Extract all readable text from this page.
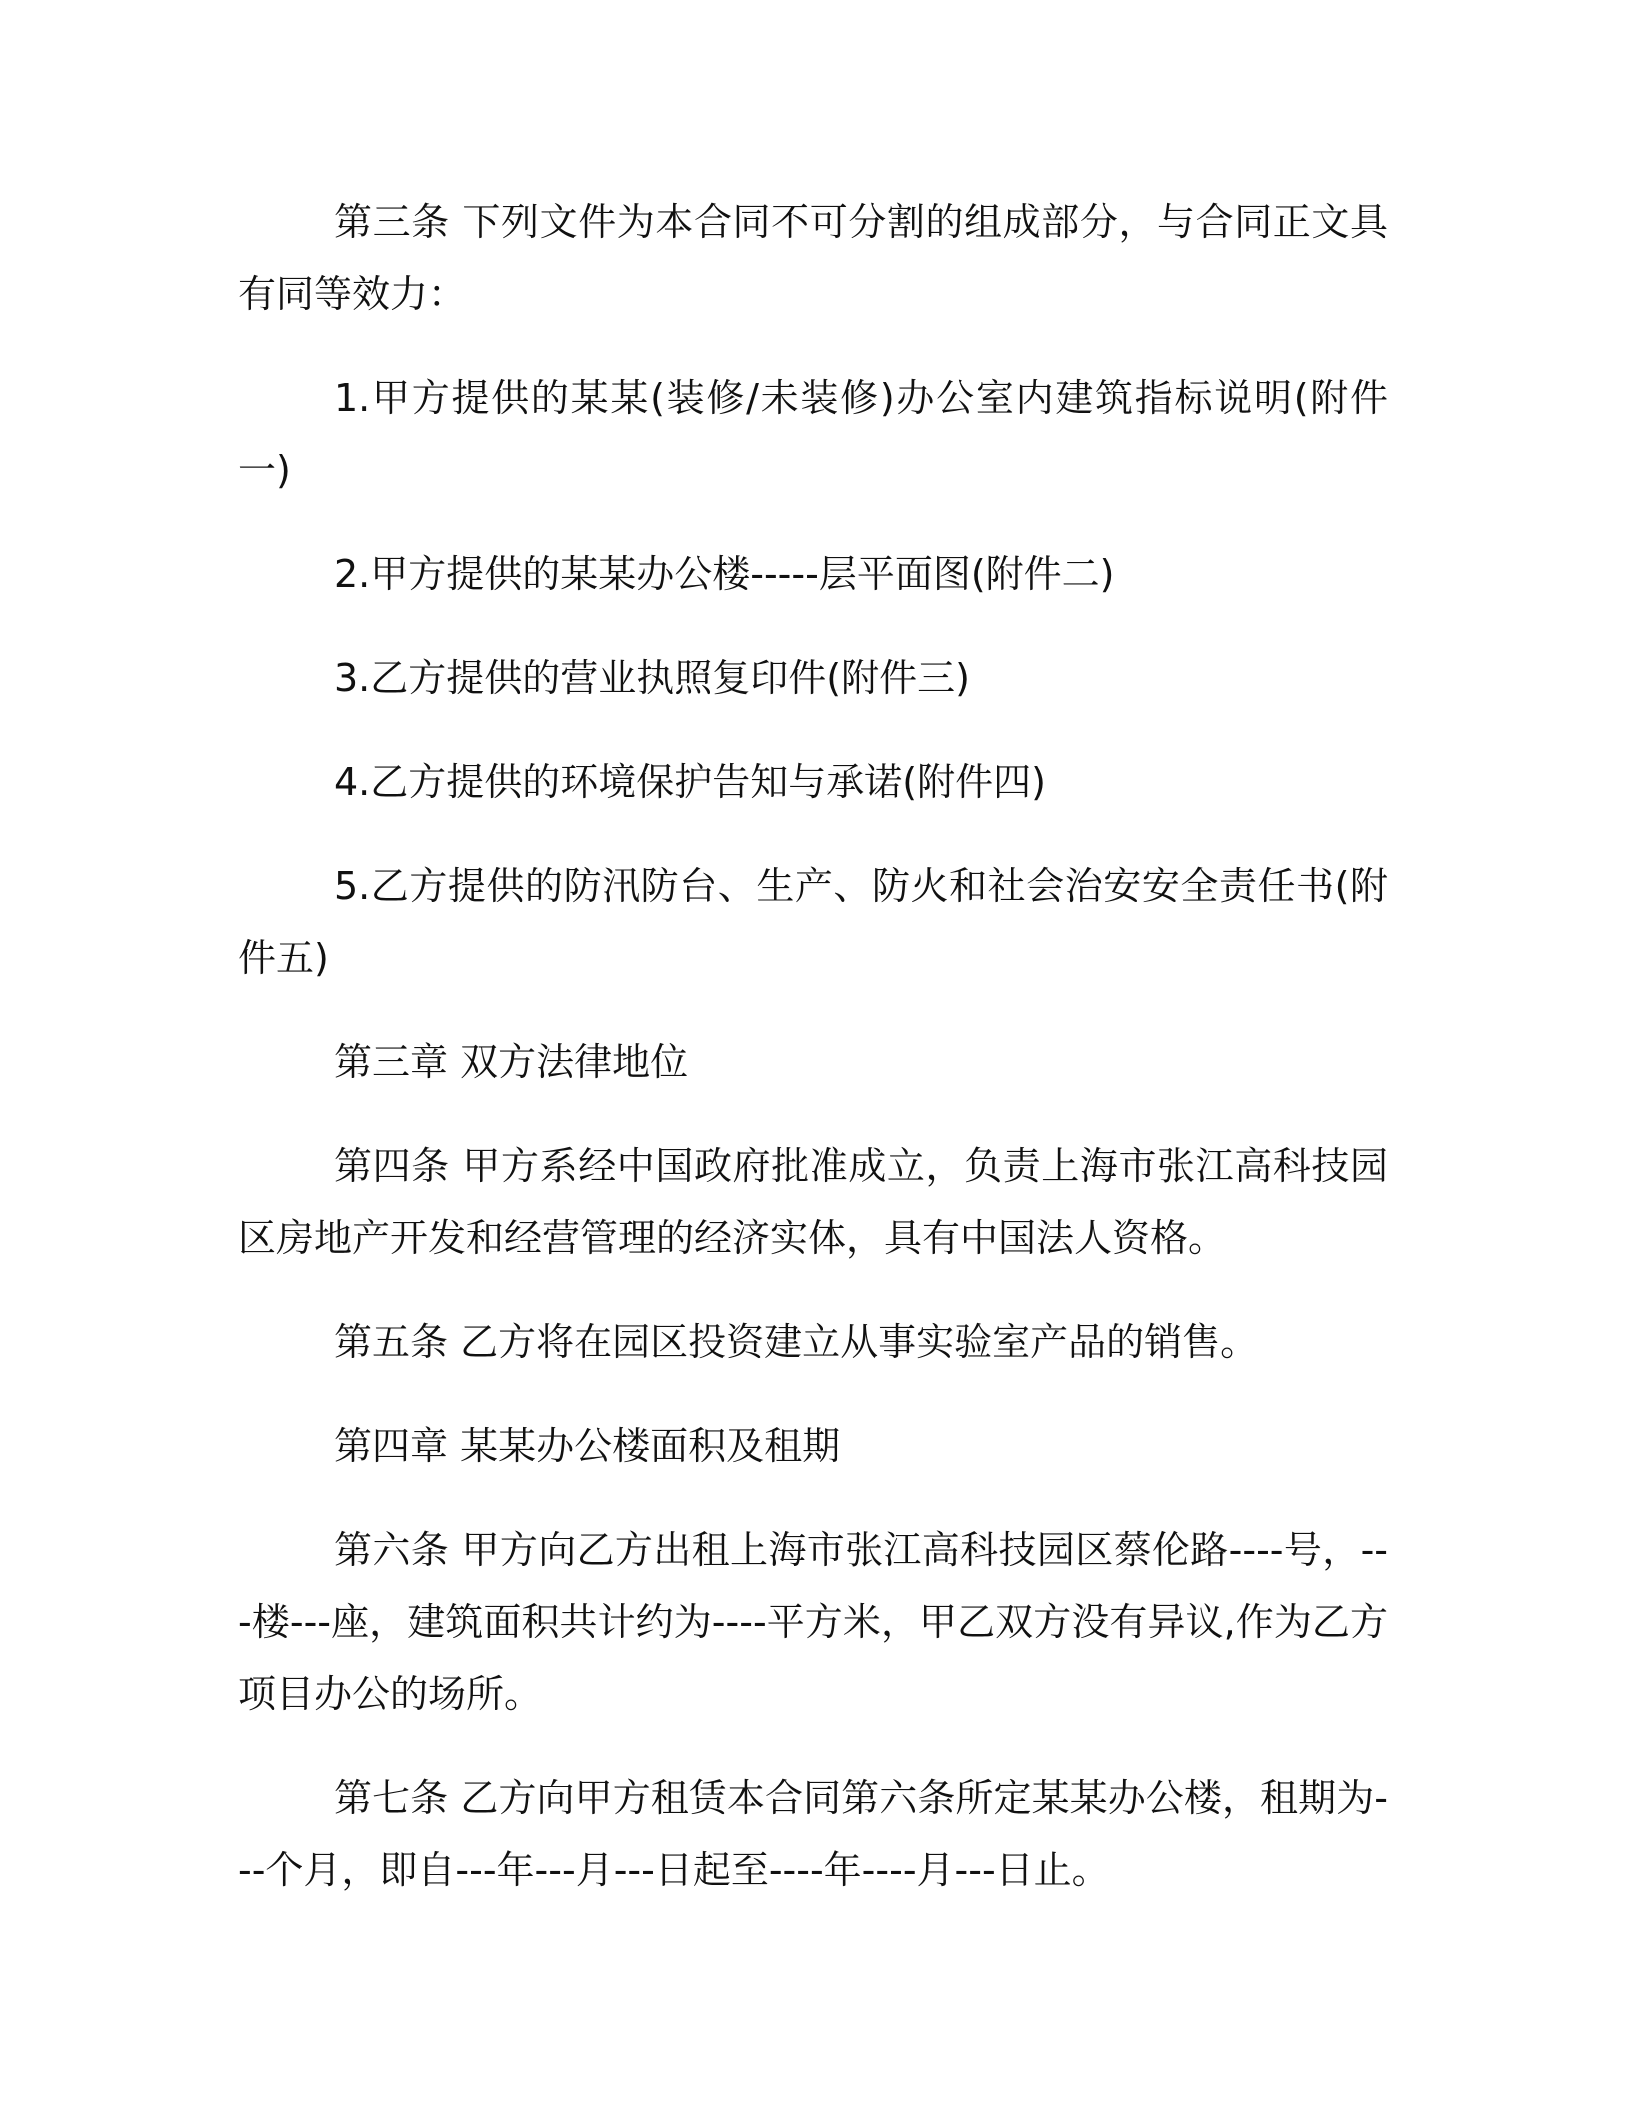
第三条 下列文件为本合同不可分割的组成部分，与合同正文具有同等效力：

1.甲方提供的某某(装修/未装修)办公室内建筑指标说明(附件一)

2.甲方提供的某某办公楼-----层平面图(附件二)

3.乙方提供的营业执照复印件(附件三)

4.乙方提供的环境保护告知与承诺(附件四)

5.乙方提供的防汛防台、生产、防火和社会治安安全责任书(附件五)

第三章 双方法律地位

第四条 甲方系经中国政府批准成立，负责上海市张江高科技园区房地产开发和经营管理的经济实体，具有中国法人资格。

第五条 乙方将在园区投资建立从事实验室产品的销售。

第四章 某某办公楼面积及租期

第六条 甲方向乙方出租上海市张江高科技园区蔡伦路----号，---楼---座，建筑面积共计约为----平方米，甲乙双方没有异议,作为乙方项目办公的场所。

第七条 乙方向甲方租赁本合同第六条所定某某办公楼，租期为---个月，即自---年---月---日起至----年----月---日止。
